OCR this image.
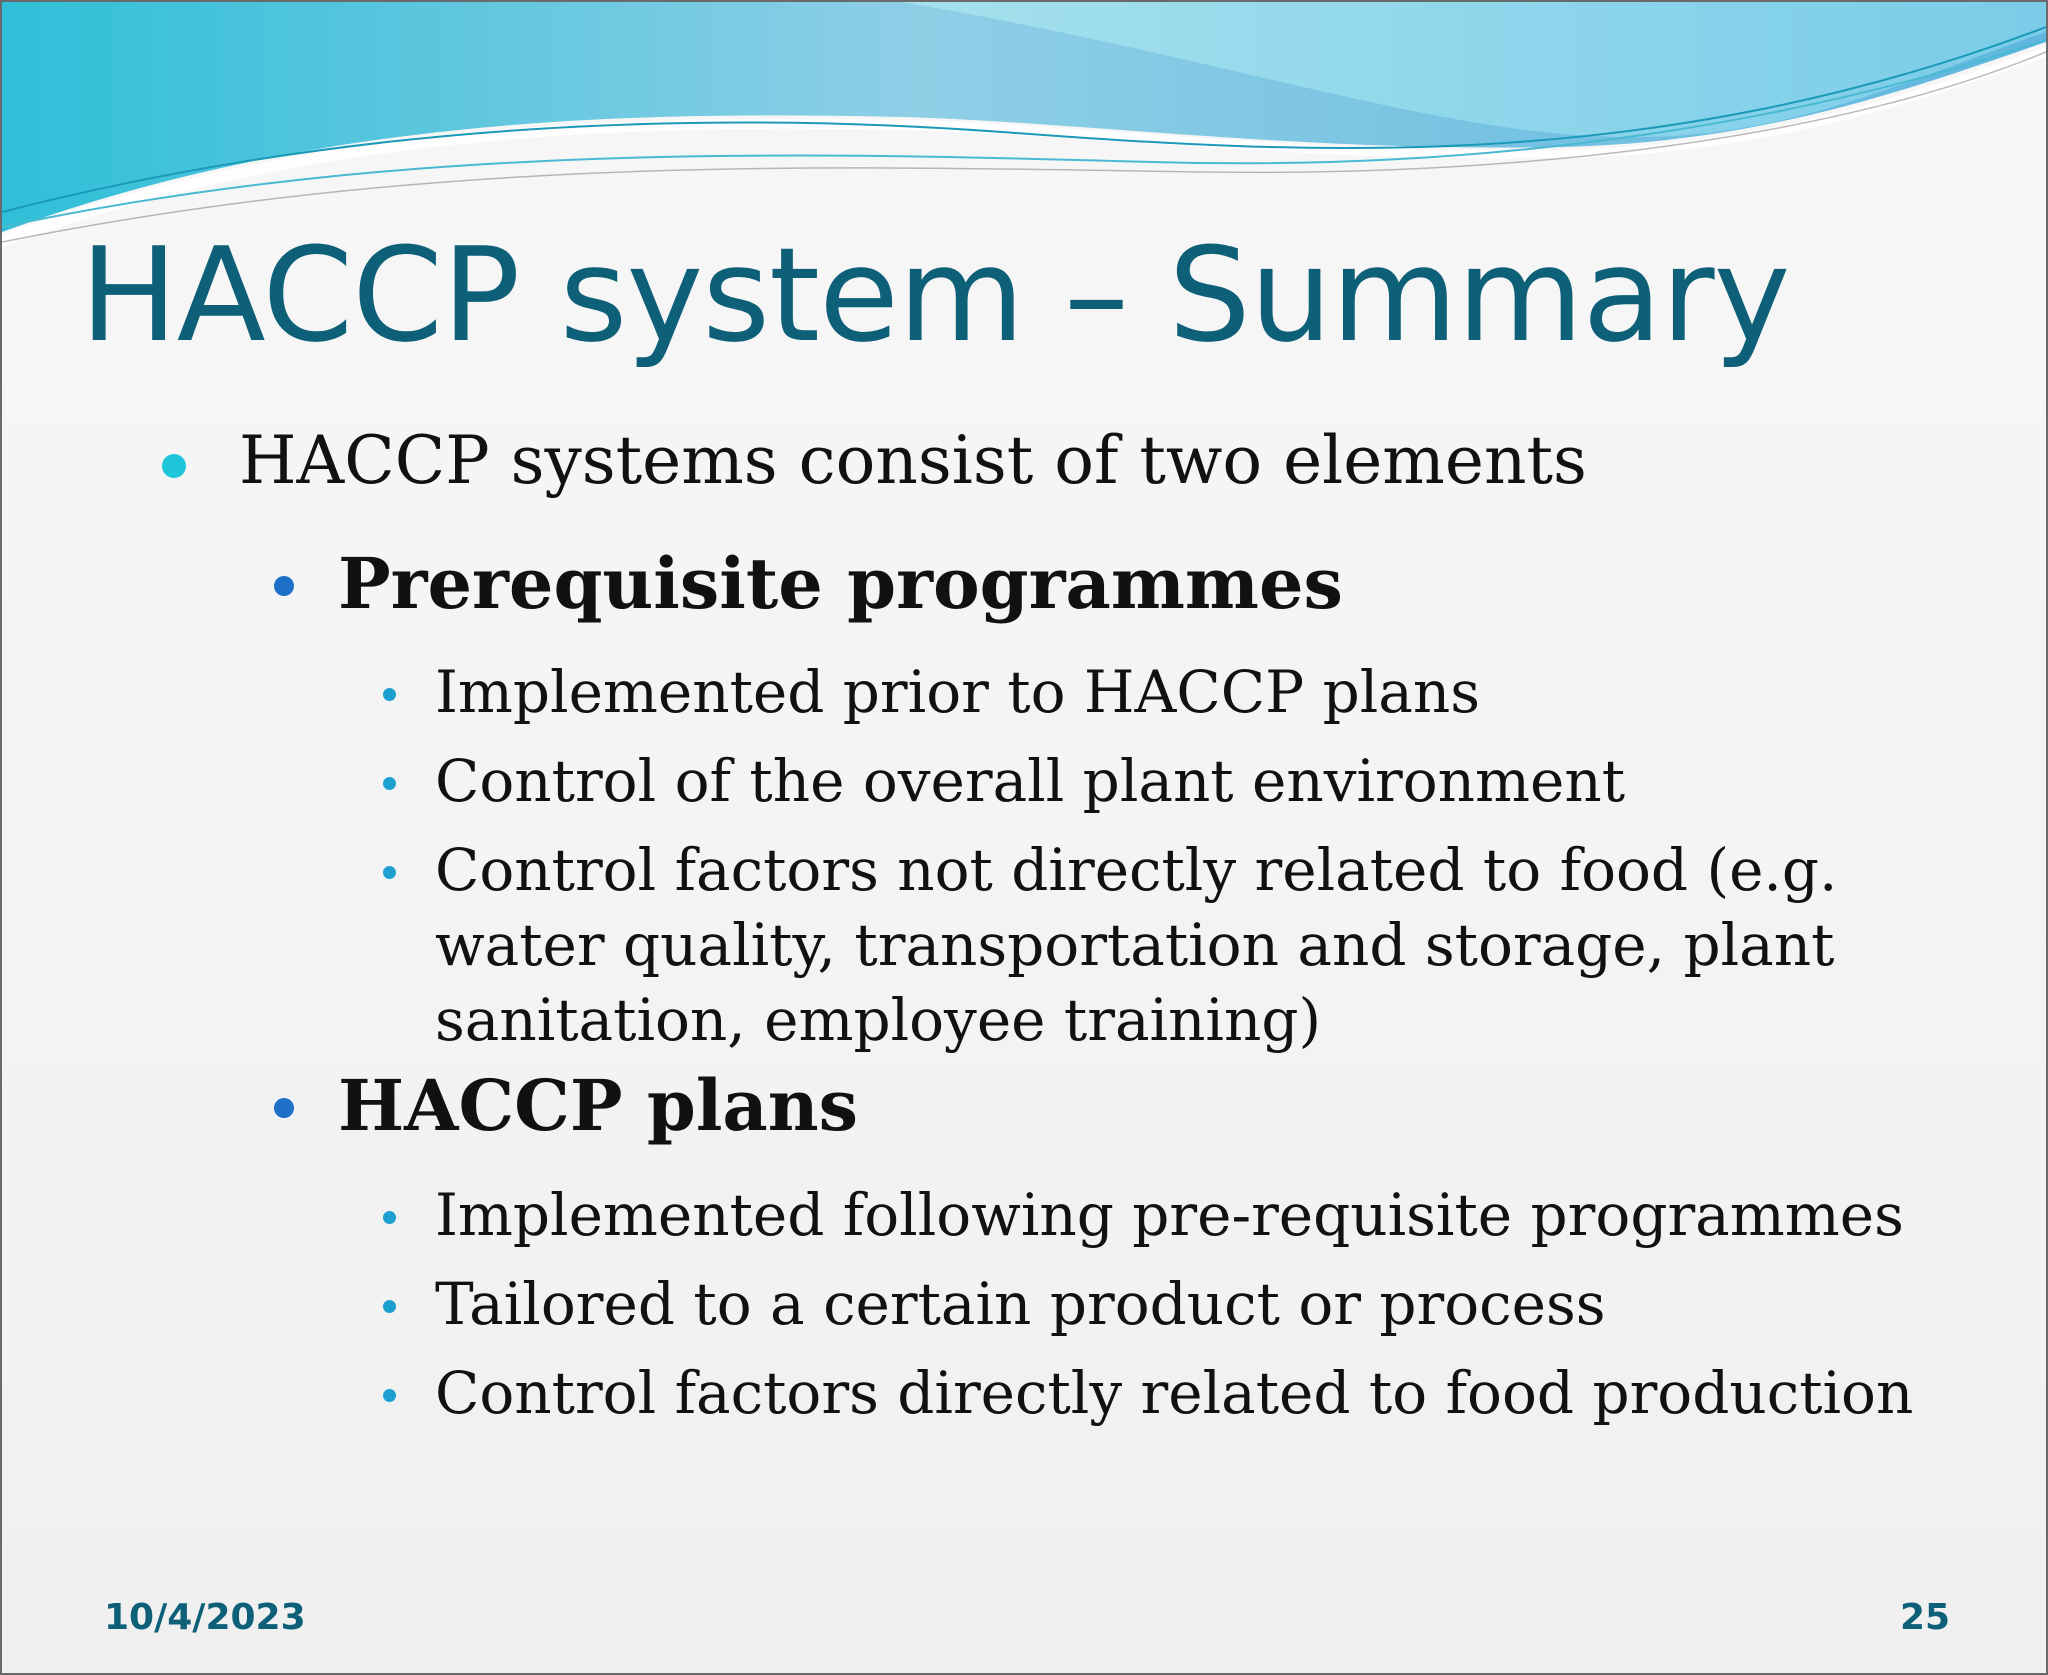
HACCP system – Summary
HACCP systems consist of two elements
Prerequisite programmes
Implemented prior to HACCP plans
Control of the overall plant environment
Control factors not directly related to food (e.g. water quality, transportation and storage, plant sanitation, employee training)
HACCP plans
Implemented following pre-requisite programmes
Tailored to a certain product or process
Control factors directly related to food production
10/4/2023	25
